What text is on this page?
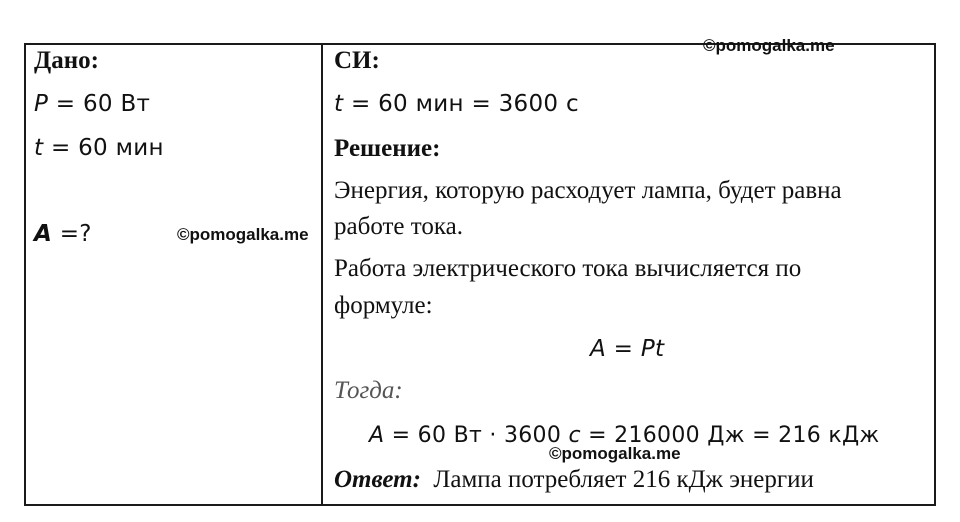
Дано:
P = 60 Вт
t = 60 мин
A =?
СИ:
t = 60 мин = 3600 с
Решение:
Энергия, которую расходует лампа, будет равна
работе тока.
Работа электрического тока вычисляется по
формуле:
A = Pt
Тогда:
A = 60 Вт · 3600 c = 216000 Дж = 216 кДж
Ответ: Лампа потребляет 216 кДж энергии
©pomogalka.me
©pomogalka.me
©pomogalka.me
